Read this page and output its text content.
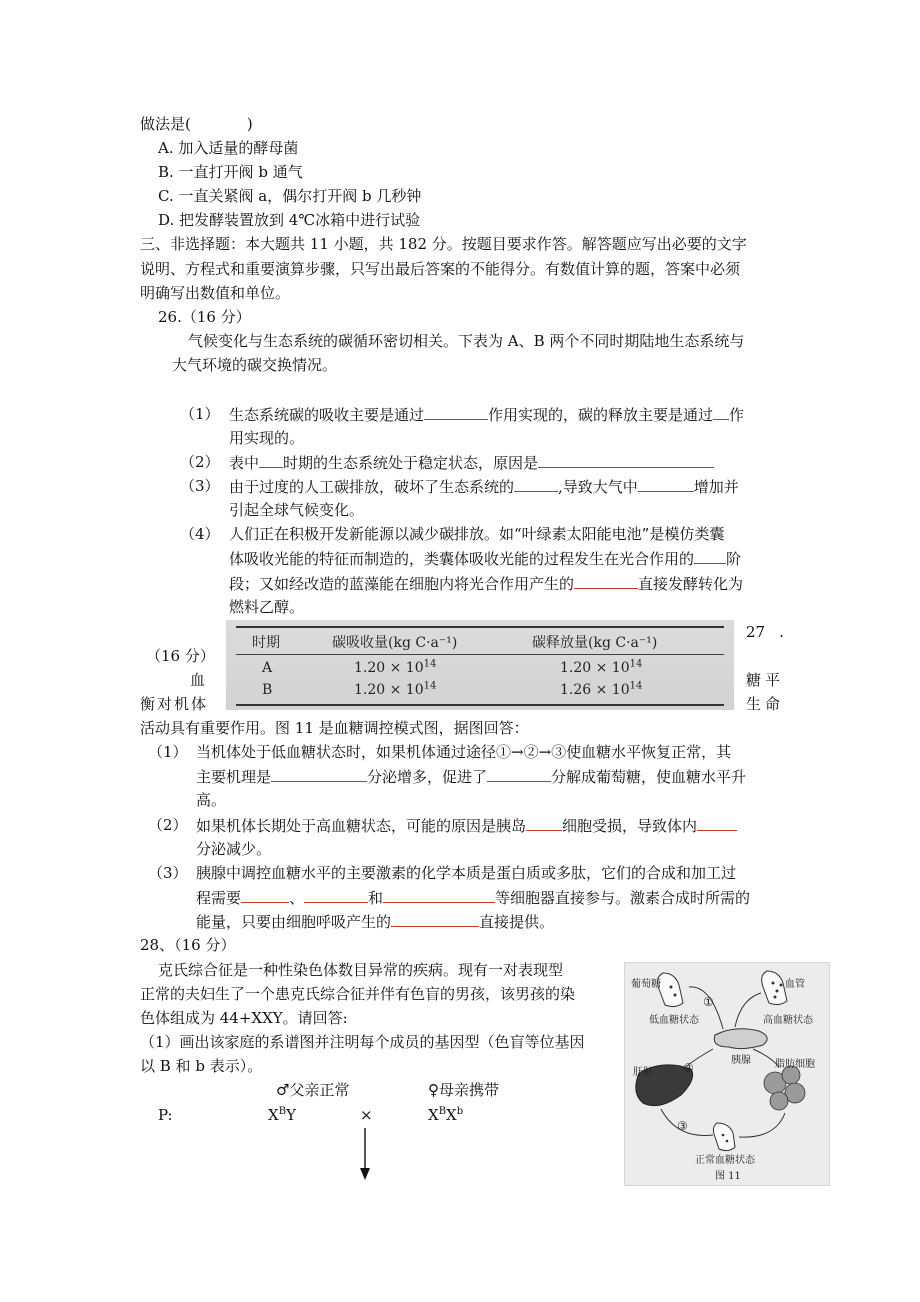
做法是(	)
A. 加入适量的酵母菌
B. 一直打开阀 b 通气
C. 一直关紧阀 a，偶尔打开阀 b 几秒钟
D. 把发酵装置放到 4℃冰箱中进行试验
三、非选择题：本大题共 11 小题，共 182 分。按题目要求作答。解答题应写出必要的文字
说明、方程式和重要演算步骤，只写出最后答案的不能得分。有数值计算的题，答案中必须
明确写出数值和单位。
26.（16 分）
气候变化与生态系统的碳循环密切相关。下表为 A、B 两个不同时期陆地生态系统与
大气环境的碳交换情况。
（1） 生态系统碳的吸收主要是通过	作用实现的，碳的释放主要是通过 作
用实现的。
（2） 表中 时期的生态系统处于稳定状态，原因是
（3） 由于过度的人工碳排放，破坏了生态系统的	,导致大气中	增加并
引起全球气候变化。
（4） 人们正在积极开发新能源以减少碳排放。如“叶绿素太阳能电池”是模仿类囊
体吸收光能的特征而制造的，类囊体吸收光能的过程发生在光合作用的 阶
段；又如经改造的蓝藻能在细胞内将光合作用产生的	直接发酵转化为
燃料乙醇。
时期	碳吸收量(kg C·a⁻¹)	碳释放量(kg C·a⁻¹)
A	$1.20 \times 10^{14}$	$1.20 \times 10^{14}$
B	$1.20 \times 10^{14}$	$1.26 \times 10^{14}$
27 .
（16 分）
血	糖 平
衡对机体	生 命
活动具有重要作用。图 11 是血糖调控模式图，据图回答：
（1） 当机体处于低血糖状态时，如果机体通过途径①→②→③使血糖水平恢复正常，其
主要机理是	分泌增多，促进了	分解成葡萄糖，使血糖水平升
高。
（2） 如果机体长期处于高血糖状态，可能的原因是胰岛 细胞受损，导致体内
分泌减少。
（3） 胰腺中调控血糖水平的主要激素的化学本质是蛋白质或多肽，它们的合成和加工过
程需要	、	和	等细胞器直接参与。激素合成时所需的
能量，只要由细胞呼吸产生的	直接提供。
28、（16 分）
克氏综合征是一种性染色体数目异常的疾病。现有一对表现型
正常的夫妇生了一个患克氏综合征并伴有色盲的男孩，该男孩的染
色体组成为 44+XXY。请回答:
（1）画出该家庭的系谱图并注明每个成员的基因型（色盲等位基因
以 B 和 b 表示）。
♂父亲正常	♀母亲携带
P:	$X^BY$	×	$X^BX^b$
葡萄糖	血管
①
低血糖状态	高血糖状态
胰腺
②
肝脏
脂肪细胞
③
正常血糖状态
图 11
